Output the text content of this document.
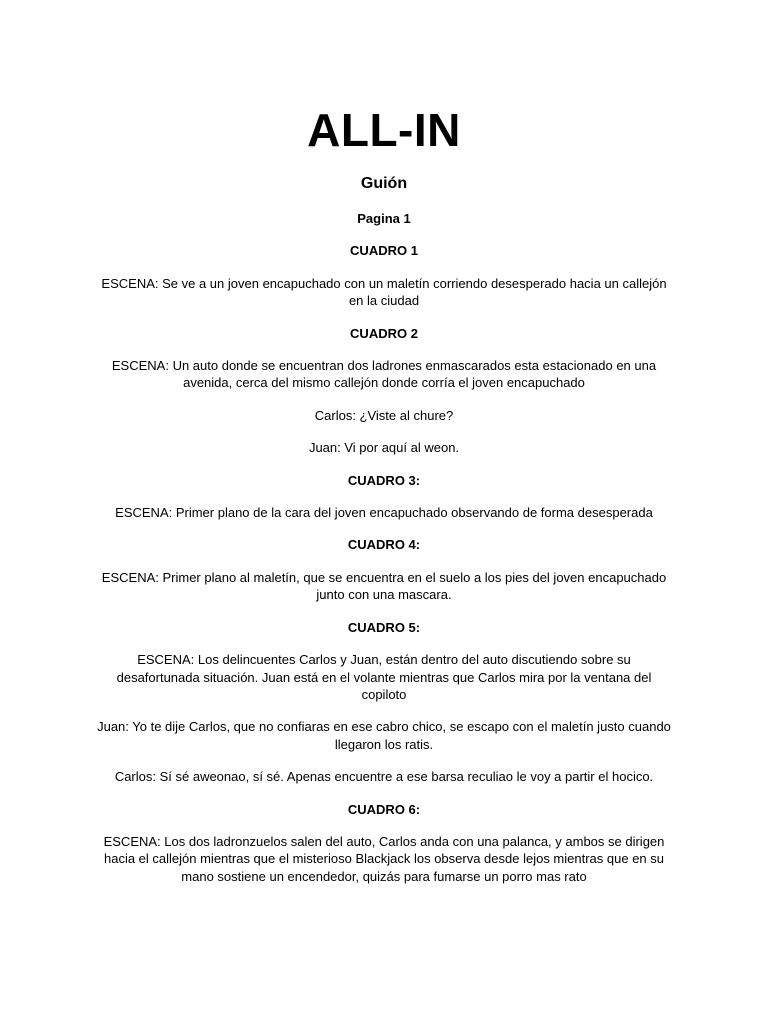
ALL-IN
Guión

Pagina 1

CUADRO 1

ESCENA: Se ve a un joven encapuchado con un maletín corriendo desesperado hacia un callejón en la ciudad

CUADRO 2

ESCENA: Un auto donde se encuentran dos ladrones enmascarados esta estacionado en una avenida, cerca del mismo callejón donde corría el joven encapuchado

Carlos: ¿Viste al chure?

Juan: Vi por aquí al weon.

CUADRO 3:

ESCENA: Primer plano de la cara del joven encapuchado observando de forma desesperada

CUADRO 4:

ESCENA: Primer plano al maletín, que se encuentra en el suelo a los pies del joven encapuchado junto con una mascara.

CUADRO 5:

ESCENA: Los delincuentes Carlos y Juan, están dentro del auto discutiendo sobre su desafortunada situación. Juan está en el volante mientras que Carlos mira por la ventana del copiloto

Juan: Yo te dije Carlos, que no confiaras en ese cabro chico, se escapo con el maletín justo cuando llegaron los ratis.

Carlos: Sí sé aweonao, sí sé. Apenas encuentre a ese barsa reculiao le voy a partir el hocico.

CUADRO 6:

ESCENA: Los dos ladronzuelos salen del auto, Carlos anda con una palanca, y ambos se dirigen hacia el callejón mientras que el misterioso Blackjack los observa desde lejos mientras que en su mano sostiene un encendedor, quizás para fumarse un porro mas rato
